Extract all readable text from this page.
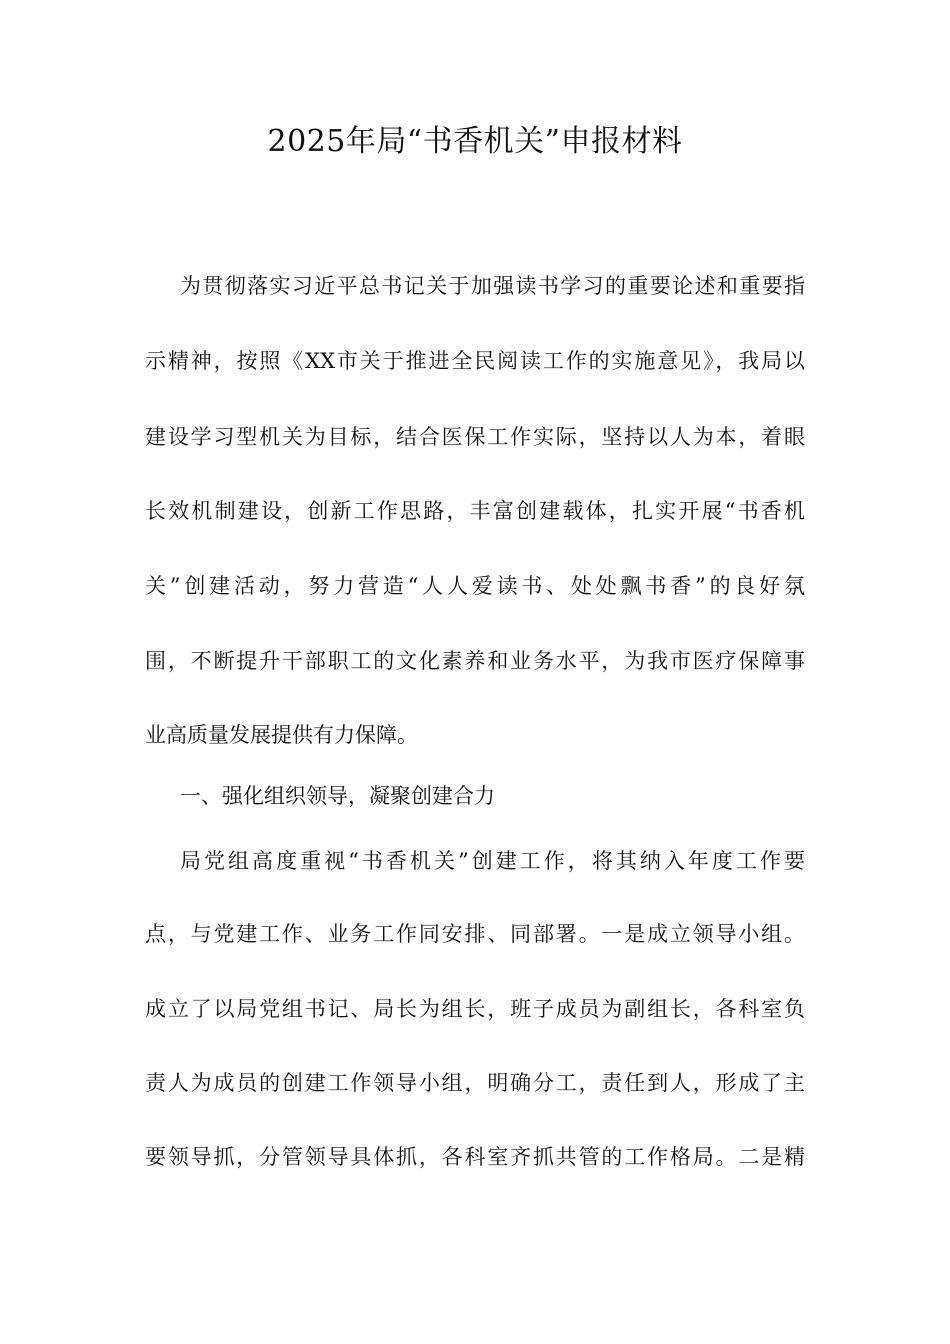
2025年局“书香机关”申报材料

为贯彻落实习近平总书记关于加强读书学习的重要论述和重要指

示精神，按照《XX市关于推进全民阅读工作的实施意见》，我局以

建设学习型机关为目标，结合医保工作实际，坚持以人为本，着眼

长效机制建设，创新工作思路，丰富创建载体，扎实开展“书香机

关”创建活动，努力营造“人人爱读书、处处飘书香”的良好氛

围，不断提升干部职工的文化素养和业务水平，为我市医疗保障事

业高质量发展提供有力保障。

一、强化组织领导，凝聚创建合力

局党组高度重视“书香机关”创建工作，将其纳入年度工作要

点，与党建工作、业务工作同安排、同部署。一是成立领导小组。

成立了以局党组书记、局长为组长，班子成员为副组长，各科室负

责人为成员的创建工作领导小组，明确分工，责任到人，形成了主

要领导抓，分管领导具体抓，各科室齐抓共管的工作格局。二是精
